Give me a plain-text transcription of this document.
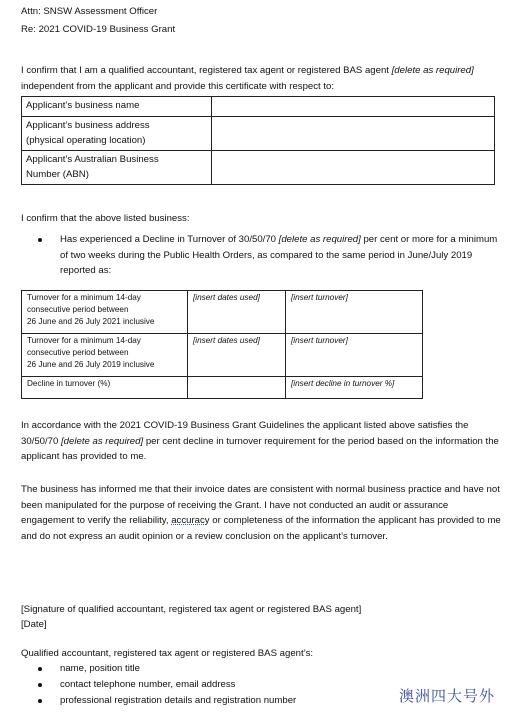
Attn: SNSW Assessment Officer
Re: 2021 COVID-19 Business Grant
I confirm that I am a qualified accountant, registered tax agent or registered BAS agent [delete as required] independent from the applicant and provide this certificate with respect to:
Applicant’s business name	
Applicant’s business address
(physical operating location)	
Applicant’s Australian Business
Number (ABN)	
I confirm that the above listed business:
Has experienced a Decline in Turnover of 30/50/70 [delete as required] per cent or more for a minimum of two weeks during the Public Health Orders, as compared to the same period in June/July 2019 reported as:
Turnover for a minimum 14-day
consecutive period between
26 June and 26 July 2021 inclusive	[insert dates used]	[insert turnover]
Turnover for a minimum 14-day
consecutive period between
26 June and 26 July 2019 inclusive	[insert dates used]	[insert turnover]
Decline in turnover (%)		[insert decline in turnover %]
In accordance with the 2021 COVID-19 Business Grant Guidelines the applicant listed above satisfies the 30/50/70 [delete as required] per cent decline in turnover requirement for the period based on the information the applicant has provided to me.
The business has informed me that their invoice dates are consistent with normal business practice and have not been manipulated for the purpose of receiving the Grant. I have not conducted an audit or assurance engagement to verify the reliability, accuracy or completeness of the information the applicant has provided to me and do not express an audit opinion or a review conclusion on the applicant’s turnover.
[Signature of qualified accountant, registered tax agent or registered BAS agent]
[Date]
Qualified accountant, registered tax agent or registered BAS agent’s:
name, position title
contact telephone number, email address
professional registration details and registration number	澳洲四大号外
